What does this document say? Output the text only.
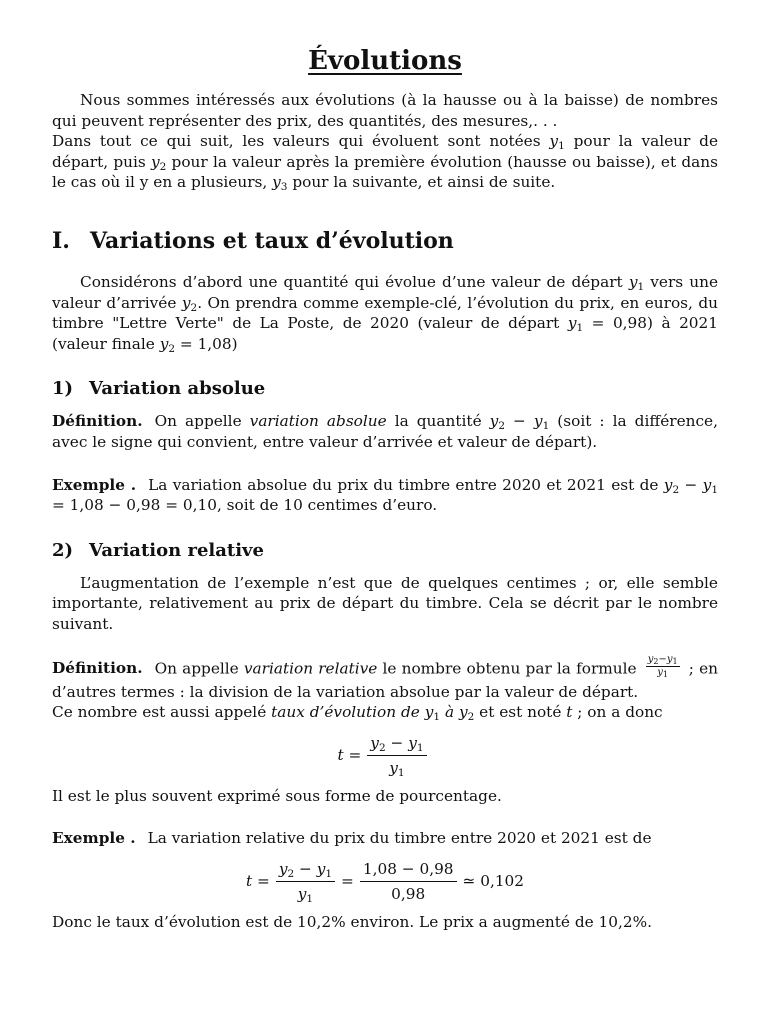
Évolutions

Nous sommes intéressés aux évolutions (à la hausse ou à la baisse) de nombres qui peuvent représenter des prix, des quantités, des mesures,. . .

Dans tout ce qui suit, les valeurs qui évoluent sont notées $y_1$ pour la valeur de départ, puis $y_2$ pour la valeur après la première évolution (hausse ou baisse), et dans le cas où il y en a plusieurs, $y_3$ pour la suivante, et ainsi de suite.

I. Variations et taux d’évolution

Considérons d’abord une quantité qui évolue d’une valeur de départ $y_1$ vers une valeur d’arrivée $y_2$. On prendra comme exemple-clé, l’évolution du prix, en euros, du timbre "Lettre Verte" de La Poste, de 2020 (valeur de départ $y_1 = 0,98$) à 2021 (valeur finale $y_2 = 1,08$)

1) Variation absolue

Définition. On appelle variation absolue la quantité $y_2 - y_1$ (soit : la différence, avec le signe qui convient, entre valeur d’arrivée et valeur de départ).

Exemple . La variation absolue du prix du timbre entre 2020 et 2021 est de $y_2 - y_1 = 1,08 - 0,98 = 0,10$, soit de 10 centimes d’euro.

2) Variation relative

L’augmentation de l’exemple n’est que de quelques centimes ; or, elle semble importante, relativement au prix de départ du timbre. Cela se décrit par le nombre suivant.

Définition. On appelle variation relative le nombre obtenu par la formule $\frac{y_2-y_1}{y_1}$ ; en d’autres termes : la division de la variation absolue par la valeur de départ.

Ce nombre est aussi appelé taux d’évolution de $y_1$ à $y_2$ et est noté t ; on a donc

$t = \frac{y_2 - y_1}{y_1}$

Il est le plus souvent exprimé sous forme de pourcentage.

Exemple . La variation relative du prix du timbre entre 2020 et 2021 est de

$t = \frac{y_2 - y_1}{y_1} = \frac{1,08 - 0,98}{0,98}$ ≃ 0,102

Donc le taux d’évolution est de 10,2% environ. Le prix a augmenté de 10,2%.
